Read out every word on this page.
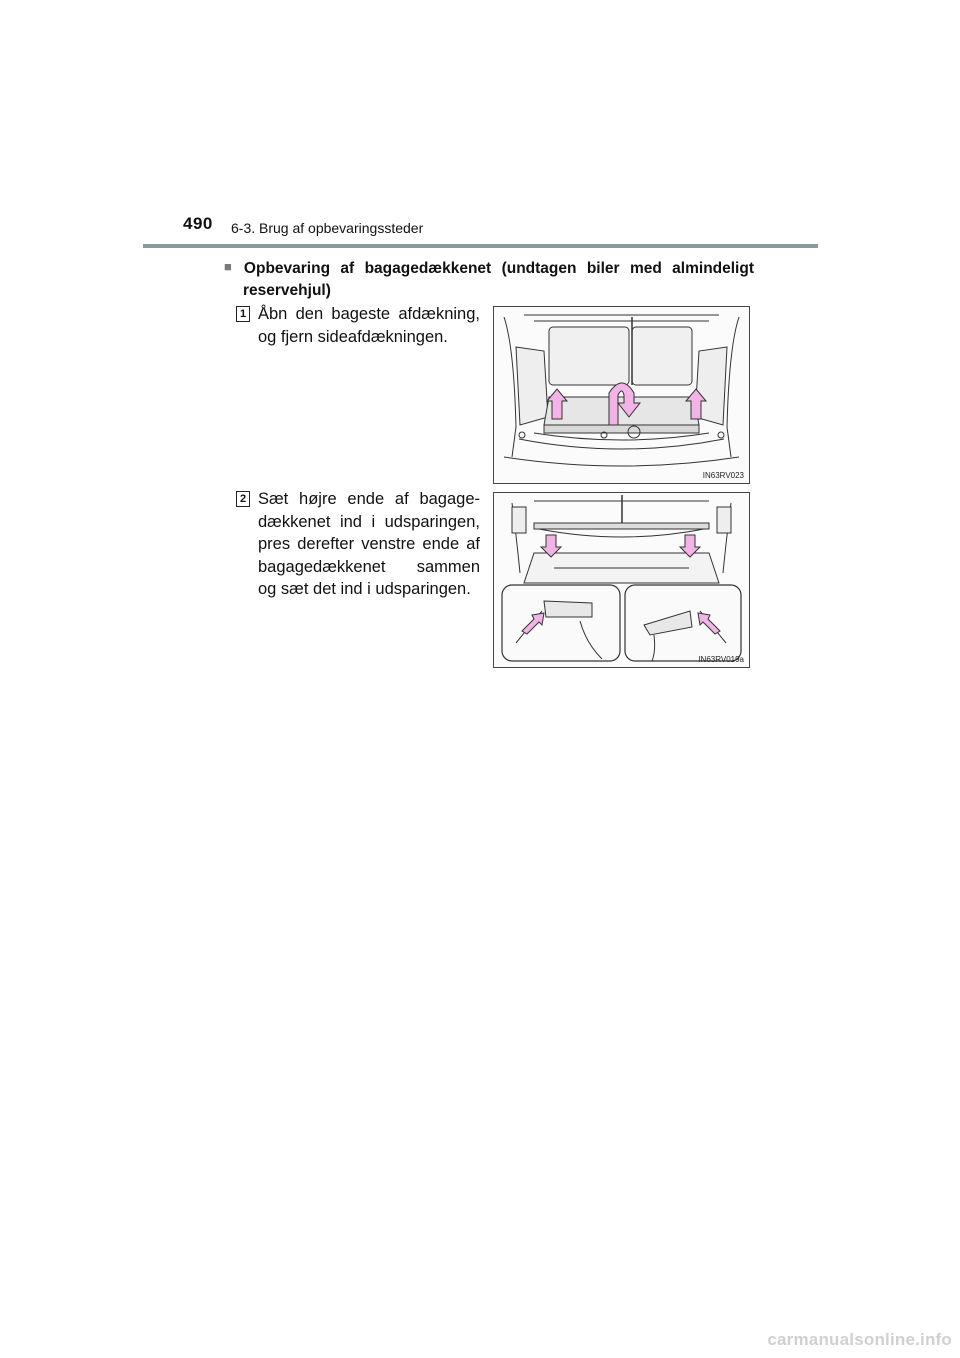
490 6-3. Brug af opbevaringssteder
■ Opbevaring af bagagedækkenet (undtagen biler med almindeligt
reservehjul)
1 Åbn den bageste afdækning,
og fjern sideafdækningen.
IN63RV023
2 Sæt højre ende af bagage-
dækkenet ind i udsparingen,
pres derefter venstre ende af
bagagedækkenet sammen
og sæt det ind i udsparingen.
IN63RV019a
carmanualsonline.info
